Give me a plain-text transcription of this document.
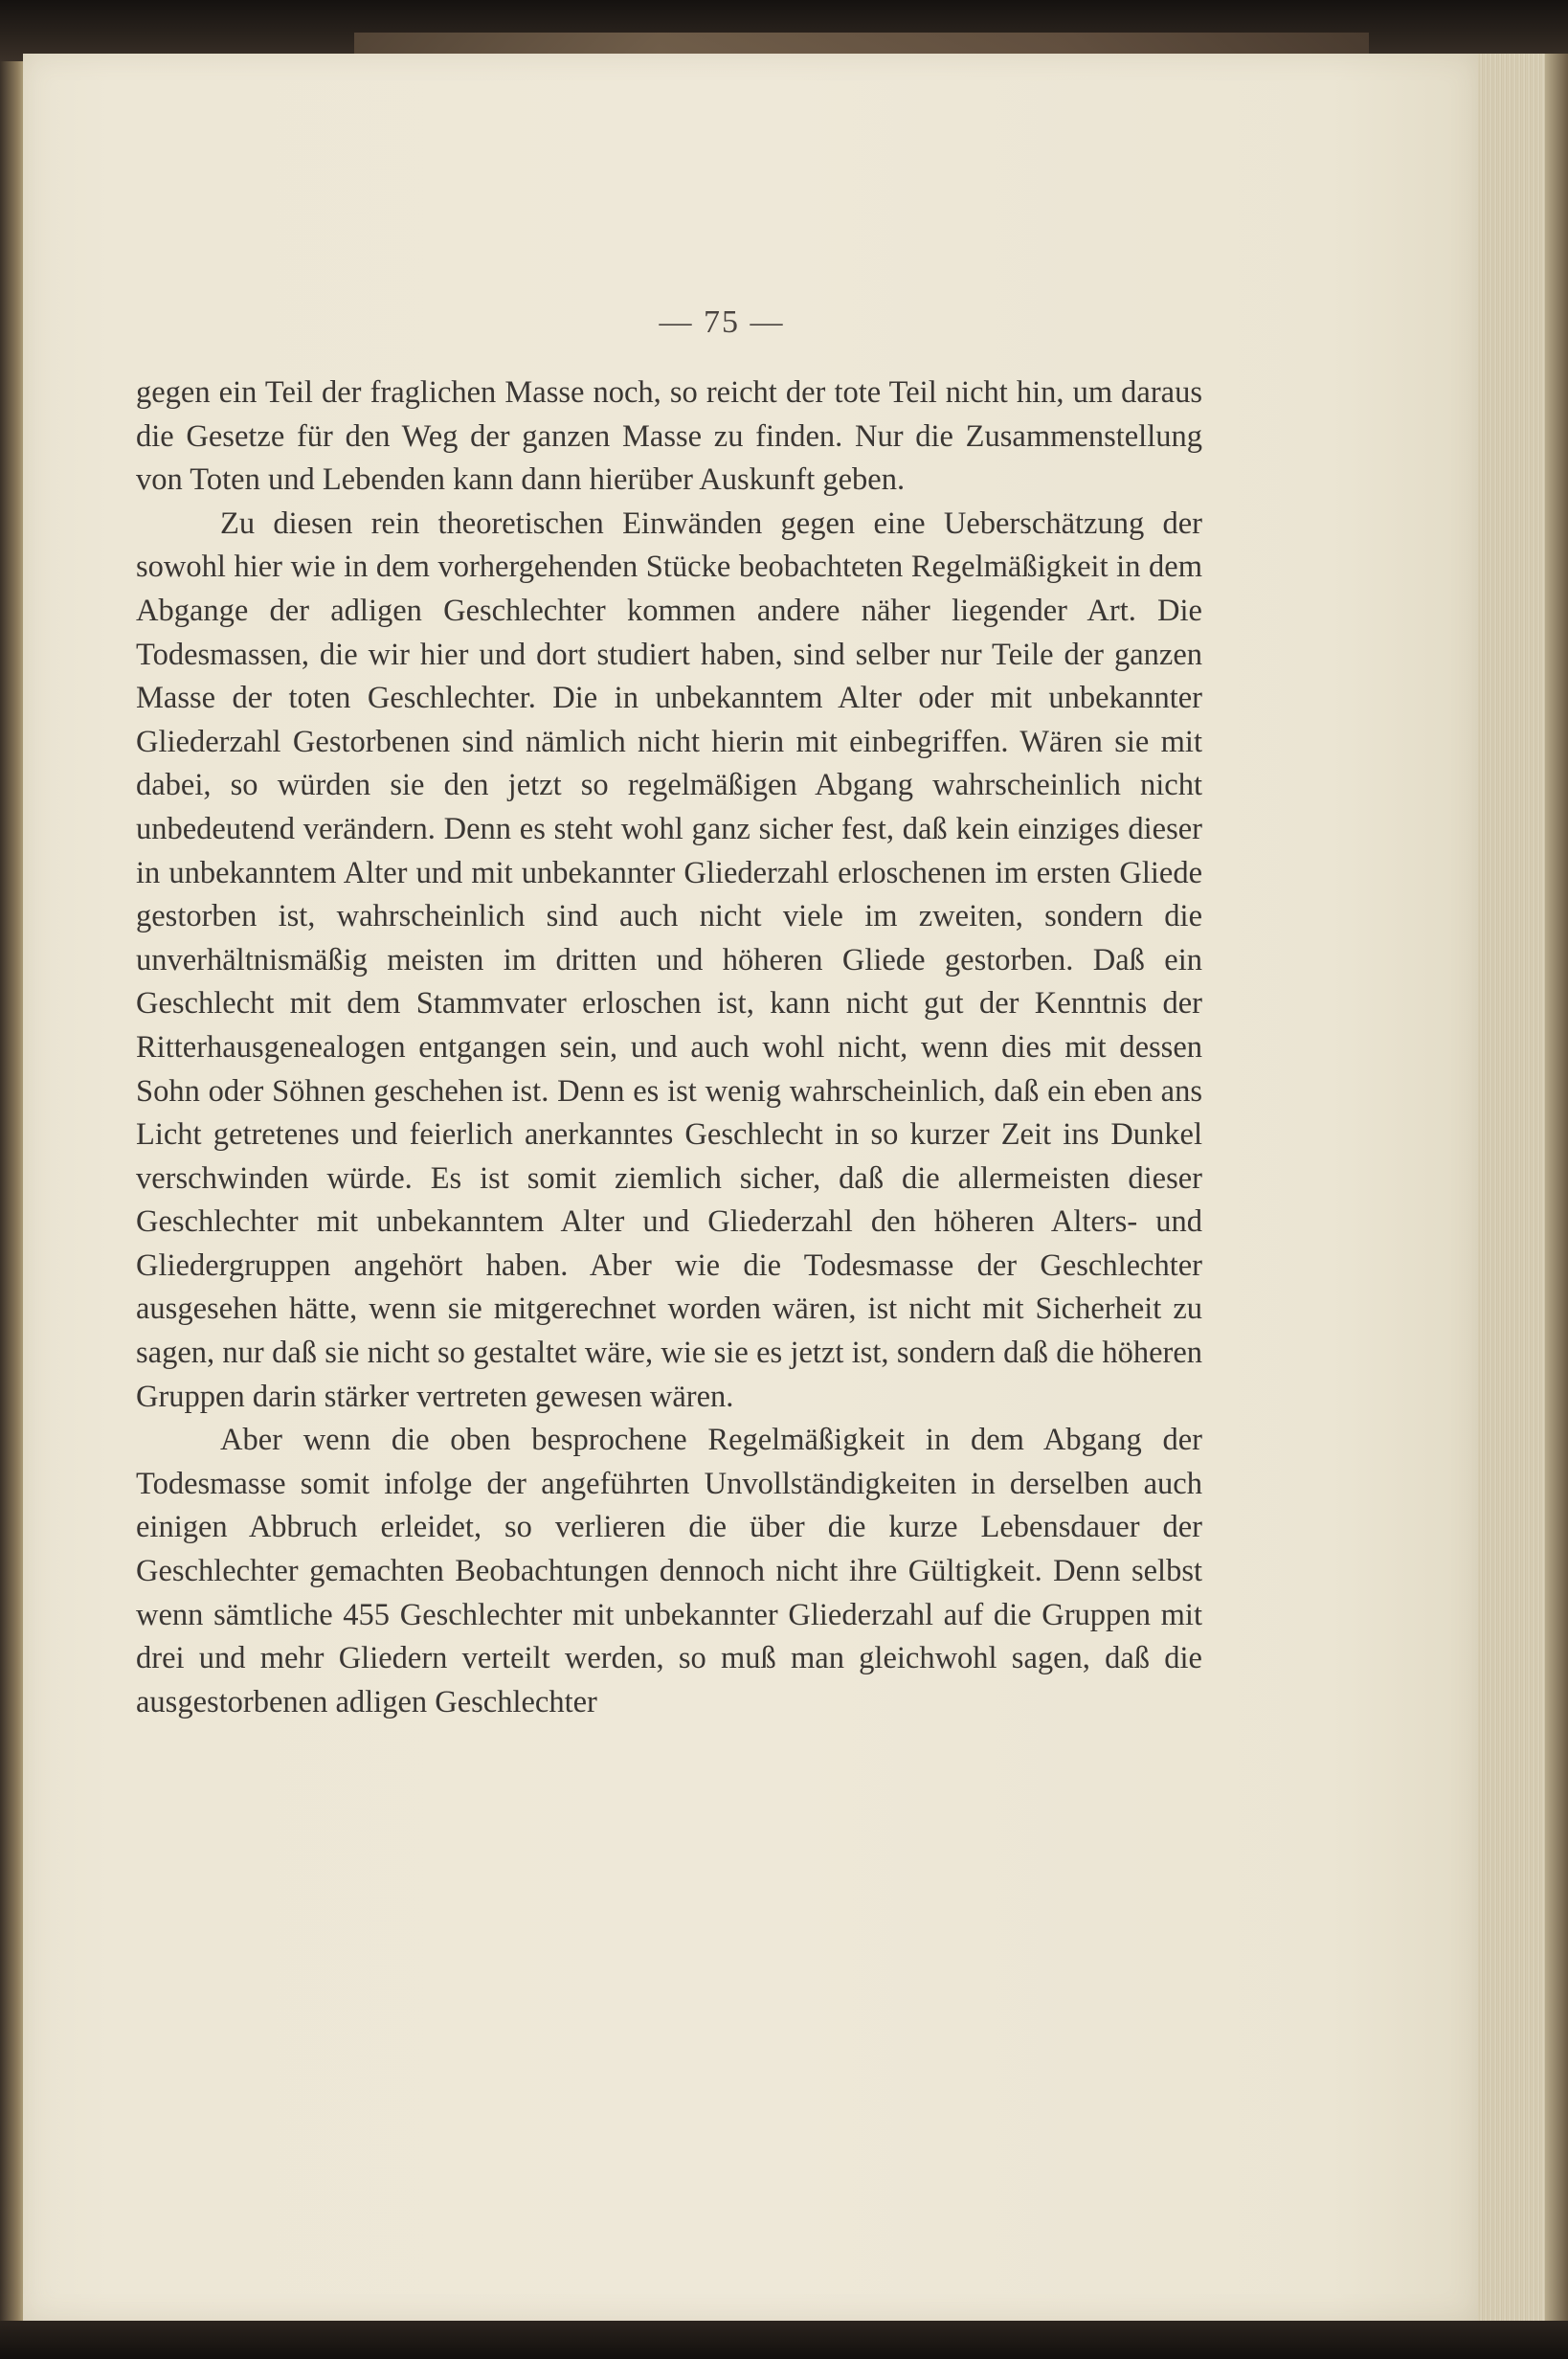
— 75 —

gegen ein Teil der fraglichen Masse noch, so reicht der tote Teil nicht hin, um daraus die Gesetze für den Weg der ganzen Masse zu finden. Nur die Zusammenstellung von Toten und Lebenden kann dann hierüber Auskunft geben.

Zu diesen rein theoretischen Einwänden gegen eine Ueberschätzung der sowohl hier wie in dem vorhergehenden Stücke beobachteten Regelmäßigkeit in dem Abgange der adligen Geschlechter kommen andere näher liegender Art. Die Todesmassen, die wir hier und dort studiert haben, sind selber nur Teile der ganzen Masse der toten Geschlechter. Die in unbekanntem Alter oder mit unbekannter Gliederzahl Gestorbenen sind nämlich nicht hierin mit einbegriffen. Wären sie mit dabei, so würden sie den jetzt so regelmäßigen Abgang wahrscheinlich nicht unbedeutend verändern. Denn es steht wohl ganz sicher fest, daß kein einziges dieser in unbekanntem Alter und mit unbekannter Gliederzahl erloschenen im ersten Gliede gestorben ist, wahrscheinlich sind auch nicht viele im zweiten, sondern die unverhältnismäßig meisten im dritten und höheren Gliede gestorben. Daß ein Geschlecht mit dem Stammvater erloschen ist, kann nicht gut der Kenntnis der Ritterhausgenealogen entgangen sein, und auch wohl nicht, wenn dies mit dessen Sohn oder Söhnen geschehen ist. Denn es ist wenig wahrscheinlich, daß ein eben ans Licht getretenes und feierlich anerkanntes Geschlecht in so kurzer Zeit ins Dunkel verschwinden würde. Es ist somit ziemlich sicher, daß die allermeisten dieser Geschlechter mit unbekanntem Alter und Gliederzahl den höheren Alters- und Gliedergruppen angehört haben. Aber wie die Todesmasse der Geschlechter ausgesehen hätte, wenn sie mitgerechnet worden wären, ist nicht mit Sicherheit zu sagen, nur daß sie nicht so gestaltet wäre, wie sie es jetzt ist, sondern daß die höheren Gruppen darin stärker vertreten gewesen wären.

Aber wenn die oben besprochene Regelmäßigkeit in dem Abgang der Todesmasse somit infolge der angeführten Unvollständigkeiten in derselben auch einigen Abbruch erleidet, so verlieren die über die kurze Lebensdauer der Geschlechter gemachten Beobachtungen dennoch nicht ihre Gültigkeit. Denn selbst wenn sämtliche 455 Geschlechter mit unbekannter Gliederzahl auf die Gruppen mit drei und mehr Gliedern verteilt werden, so muß man gleichwohl sagen, daß die ausgestorbenen adligen Geschlechter
